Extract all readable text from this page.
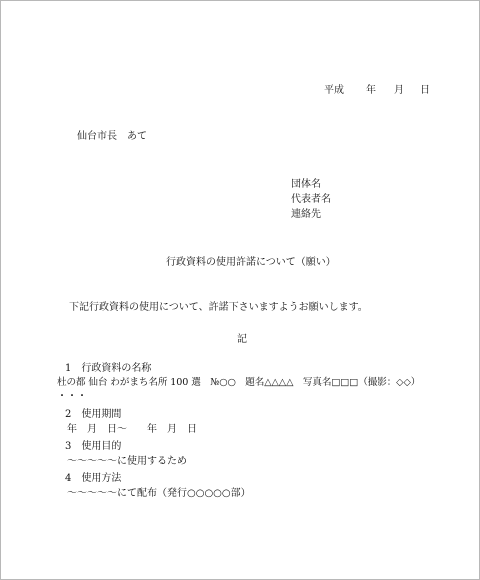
平成 年 月 日
仙台市長　あて
団体名
代表者名
連絡先
行政資料の使用許諾について（願い）
下記行政資料の使用について、許諾下さいますようお願いします。
記
1　行政資料の名称
杜の都 仙台 わがまち名所 100 選　№○○　題名△△△△　写真名□□□（撮影：◇◇）
・・・
2　使用期間
年 月 日〜 年 月 日
3　使用目的
〜〜〜〜〜に使用するため
4　使用方法
〜〜〜〜〜にて配布（発行○○○○○部）
